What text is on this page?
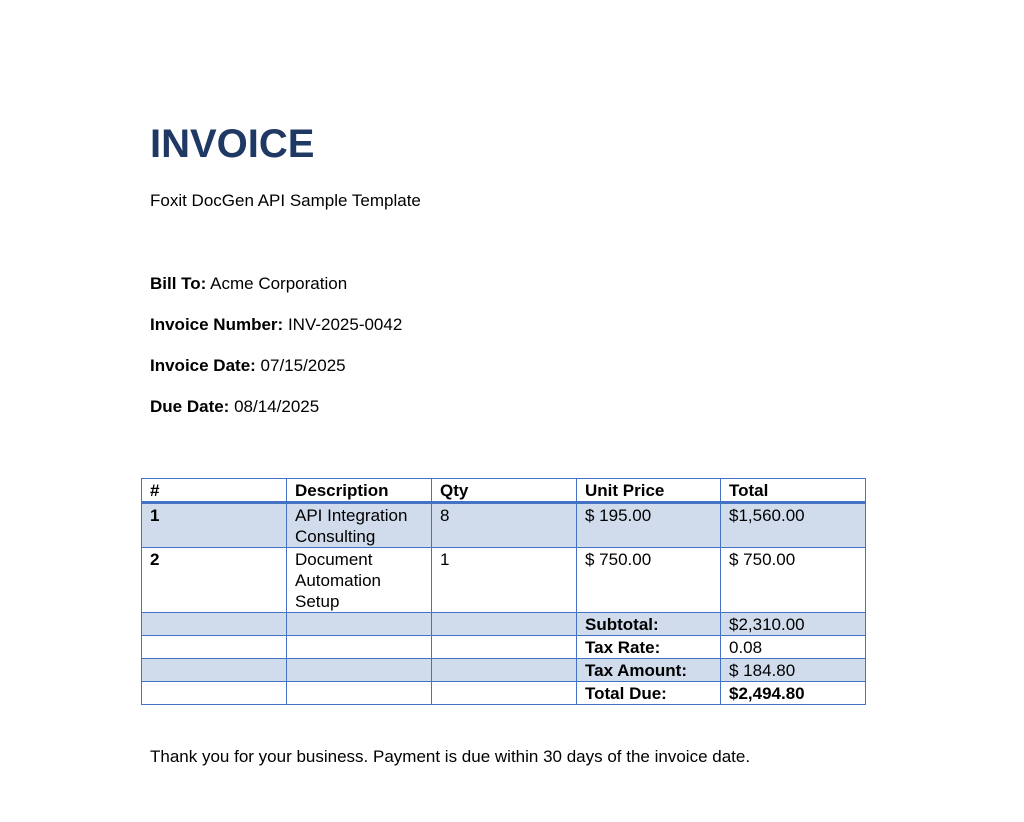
INVOICE
Foxit DocGen API Sample Template
Bill To: Acme Corporation
Invoice Number: INV-2025-0042
Invoice Date: 07/15/2025
Due Date: 08/14/2025
#	Description	Qty	Unit Price	Total
1	API Integration Consulting	8	$ 195.00	$1,560.00
2	Document Automation Setup	1	$ 750.00	$ 750.00
			Subtotal:	$2,310.00
			Tax Rate:	0.08
			Tax Amount:	$ 184.80
			Total Due:	$2,494.80
Thank you for your business. Payment is due within 30 days of the invoice date.
